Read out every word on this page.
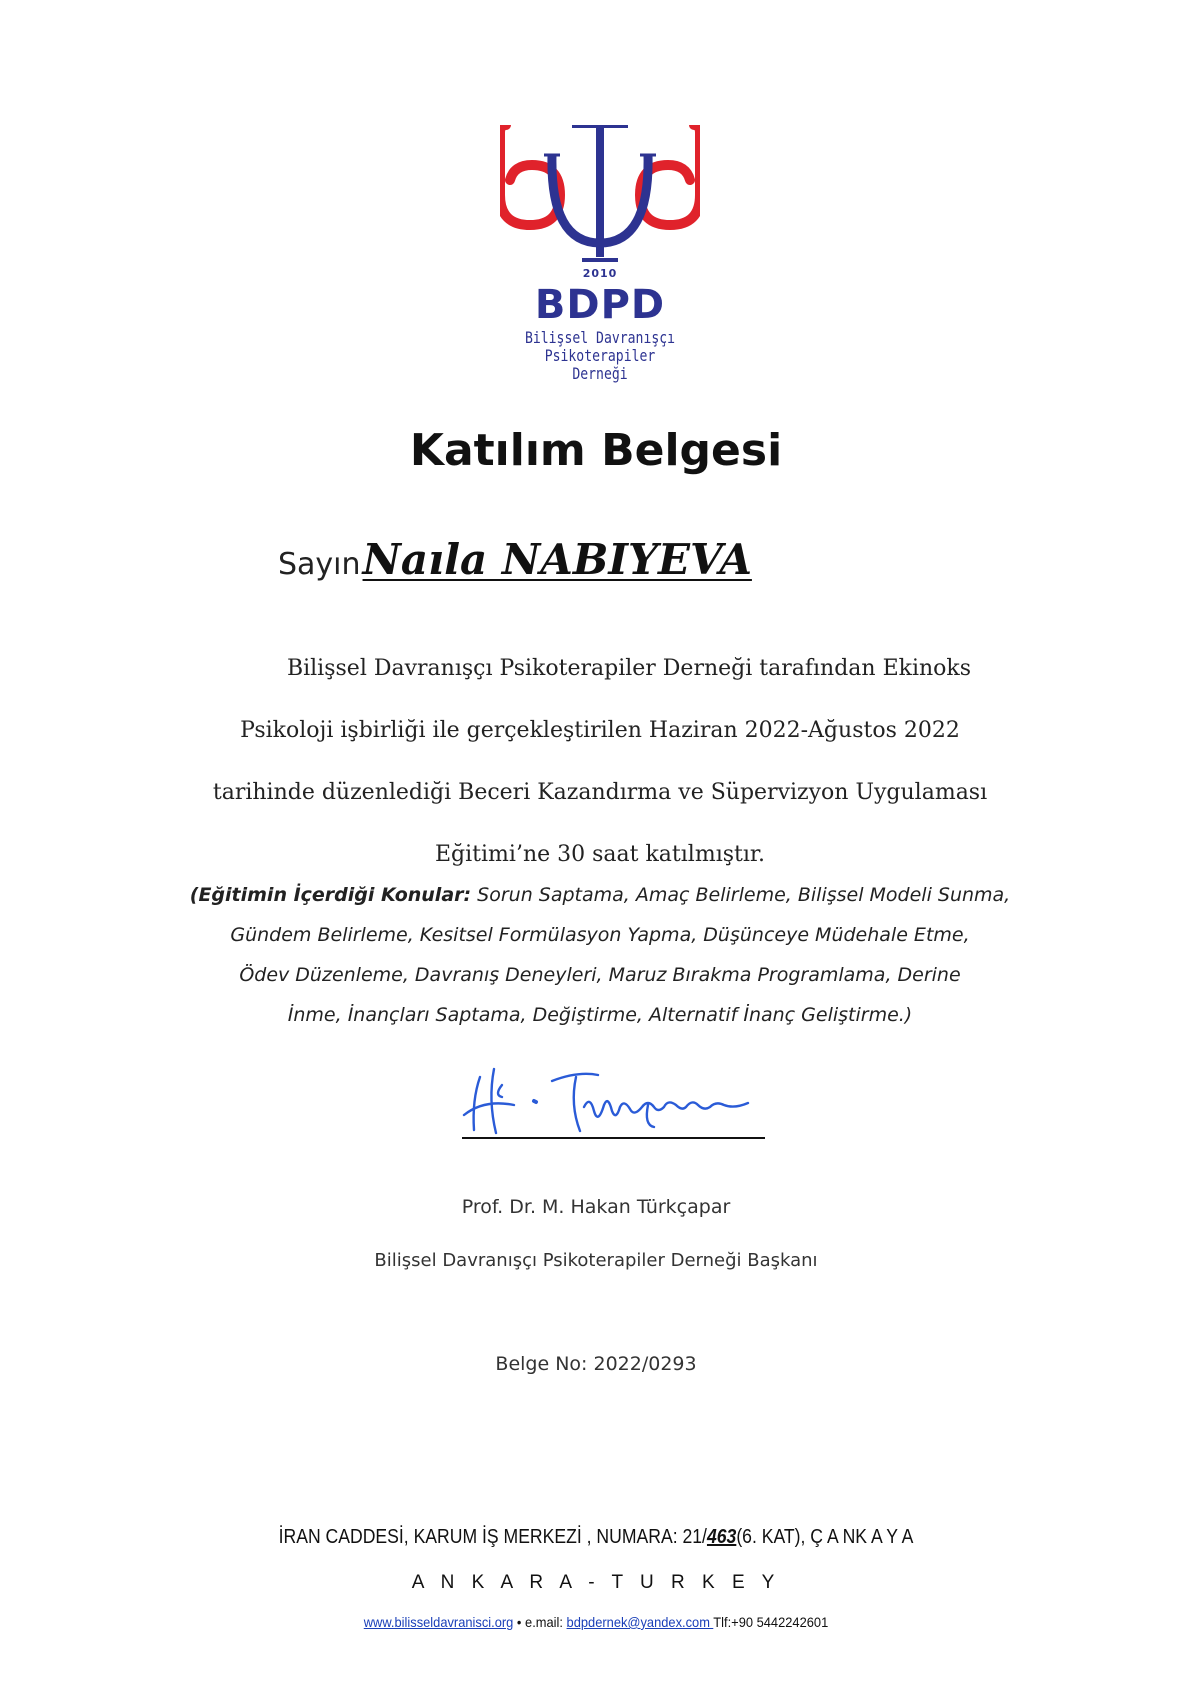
2010
BDPD
Bilişsel Davranışçı
Psikoterapiler Derneği
Katılım Belgesi
SayınNaıla NABIYEVA
Bilişsel Davranışçı Psikoterapiler Derneği tarafından Ekinoks
Psikoloji işbirliği ile gerçekleştirilen Haziran 2022-Ağustos 2022
tarihinde düzenlediği Beceri Kazandırma ve Süpervizyon Uygulaması
Eğitimi’ne 30 saat katılmıştır.
(Eğitimin İçerdiği Konular: Sorun Saptama, Amaç Belirleme, Bilişsel Modeli Sunma,
Gündem Belirleme, Kesitsel Formülasyon Yapma, Düşünceye Müdehale Etme,
Ödev Düzenleme, Davranış Deneyleri, Maruz Bırakma Programlama, Derine
İnme, İnançları Saptama, Değiştirme, Alternatif İnanç Geliştirme.)
Prof. Dr. M. Hakan Türkçapar
Bilişsel Davranışçı Psikoterapiler Derneği Başkanı
Belge No: 2022/0293
İRAN CADDESİ, KARUM İŞ MERKEZİ , NUMARA: 21/463(6. KAT), Ç A NK A Y A
A N K A R A - T U R K E Y
www.bilisseldavranisci.org • e.mail: bdpdernek@yandex.com Tlf:+90 5442242601
